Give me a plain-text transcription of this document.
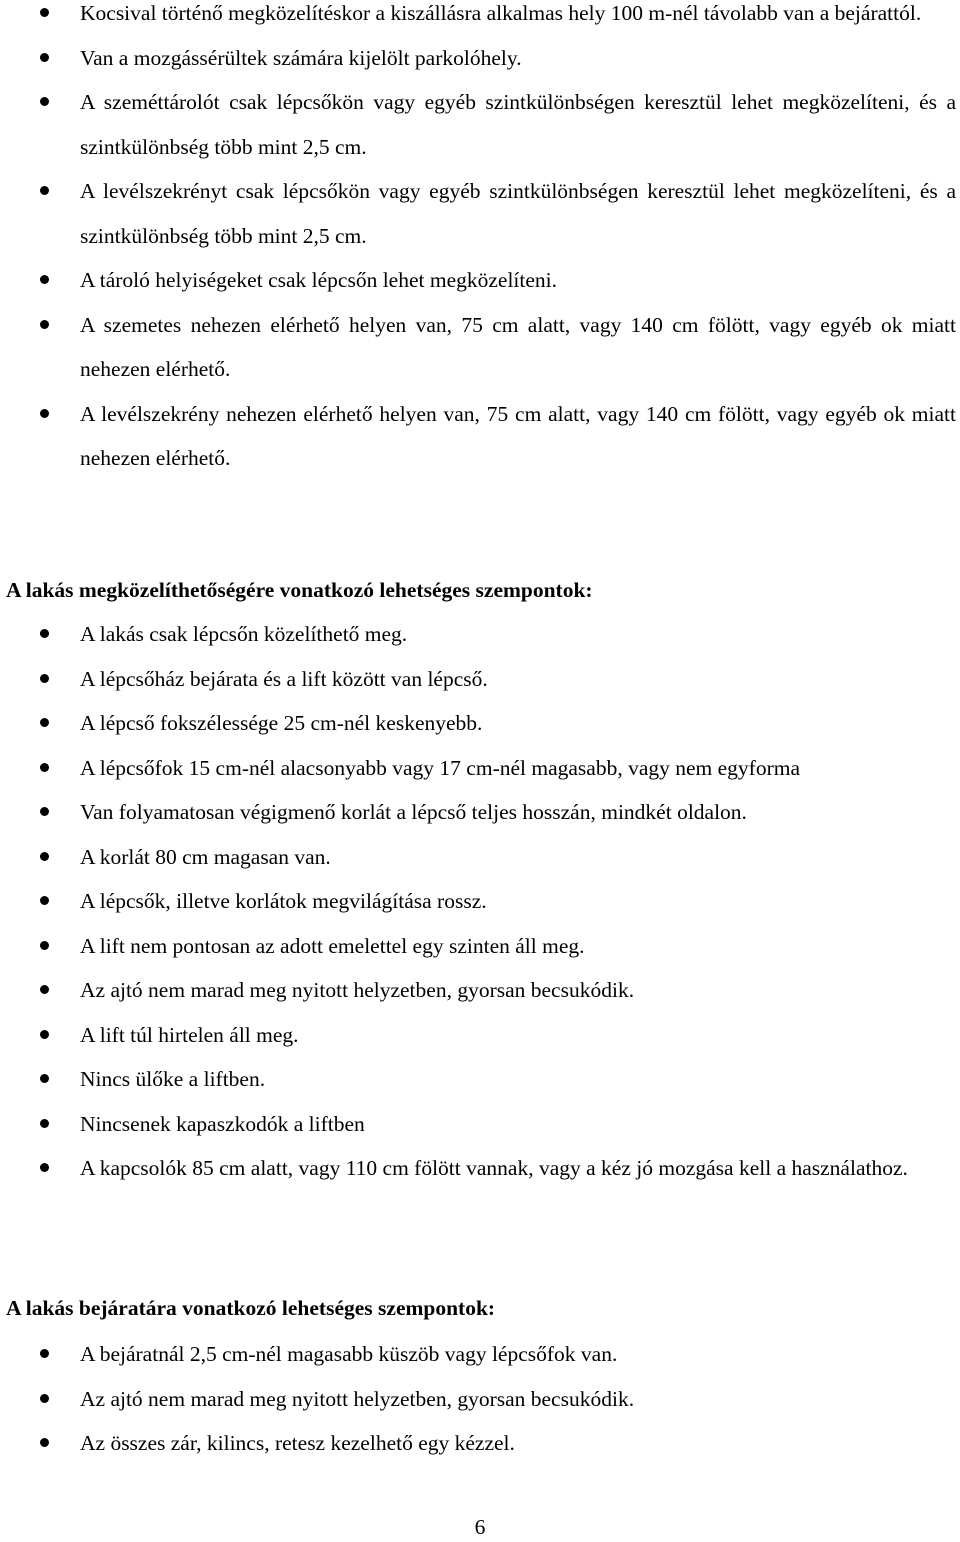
Kocsival történő megközelítéskor a kiszállásra alkalmas hely 100 m-nél távolabb van a bejárattól.
Van a mozgássérültek számára kijelölt parkolóhely.
A szeméttárolót csak lépcsőkön vagy egyéb szintkülönbségen keresztül lehet megközelíteni, és a szintkülönbség több mint 2,5 cm.
A levélszekrényt csak lépcsőkön vagy egyéb szintkülönbségen keresztül lehet megközelíteni, és a szintkülönbség több mint 2,5 cm.
A tároló helyiségeket csak lépcsőn lehet megközelíteni.
A szemetes nehezen elérhető helyen van, 75 cm alatt, vagy 140 cm fölött, vagy egyéb ok miatt nehezen elérhető.
A levélszekrény nehezen elérhető helyen van, 75 cm alatt, vagy 140 cm fölött, vagy egyéb ok miatt nehezen elérhető.
A lakás megközelíthetőségére vonatkozó lehetséges szempontok:
A lakás csak lépcsőn közelíthető meg.
A lépcsőház bejárata és a lift között van lépcső.
A lépcső fokszélessége 25 cm-nél keskenyebb.
A lépcsőfok 15 cm-nél alacsonyabb vagy 17 cm-nél magasabb, vagy nem egyforma
Van folyamatosan végigmenő korlát a lépcső teljes hosszán, mindkét oldalon.
A korlát 80 cm magasan van.
A lépcsők, illetve korlátok megvilágítása rossz.
A lift nem pontosan az adott emelettel egy szinten áll meg.
Az ajtó nem marad meg nyitott helyzetben, gyorsan becsukódik.
A lift túl hirtelen áll meg.
Nincs ülőke a liftben.
Nincsenek kapaszkodók a liftben
A kapcsolók 85 cm alatt, vagy 110 cm fölött vannak, vagy a kéz jó mozgása kell a használathoz.
A lakás bejáratára vonatkozó lehetséges szempontok:
A bejáratnál 2,5 cm-nél magasabb küszöb vagy lépcsőfok van.
Az ajtó nem marad meg nyitott helyzetben, gyorsan becsukódik.
Az összes zár, kilincs, retesz kezelhető egy kézzel.
6
